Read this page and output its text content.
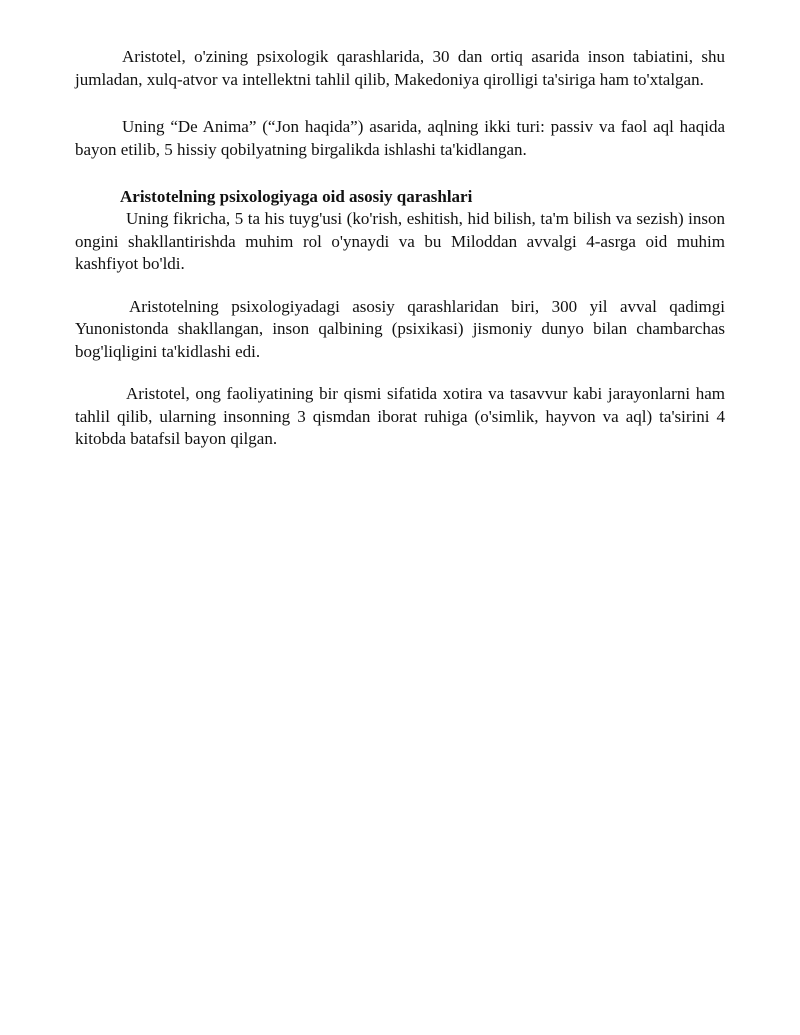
Aristotel, o'zining psixologik qarashlarida, 30 dan ortiq asarida inson tabiatini, shu jumladan, xulq-atvor va intellektni tahlil qilib, Makedoniya qirolligi ta'siriga ham to'xtalgan.

Uning “De Anima” (“Jon haqida”) asarida, aqlning ikki turi: passiv va faol aql haqida bayon etilib, 5 hissiy qobilyatning birgalikda ishlashi ta'kidlangan.

Aristotelning psixologiyaga oid asosiy qarashlari

Uning fikricha, 5 ta his tuyg'usi (ko'rish, eshitish, hid bilish, ta'm bilish va sezish) inson ongini shakllantirishda muhim rol o'ynaydi va bu Miloddan avvalgi 4-asrga oid muhim kashfiyot bo'ldi.

Aristotelning psixologiyadagi asosiy qarashlaridan biri, 300 yil avval qadimgi Yunonistonda shakllangan, inson qalbining (psixikasi) jismoniy dunyo bilan chambarchas bog'liqligini ta'kidlashi edi.

Aristotel, ong faoliyatining bir qismi sifatida xotira va tasavvur kabi jarayonlarni ham tahlil qilib, ularning insonning 3 qismdan iborat ruhiga (o'simlik, hayvon va aql) ta'sirini 4 kitobda batafsil bayon qilgan.
